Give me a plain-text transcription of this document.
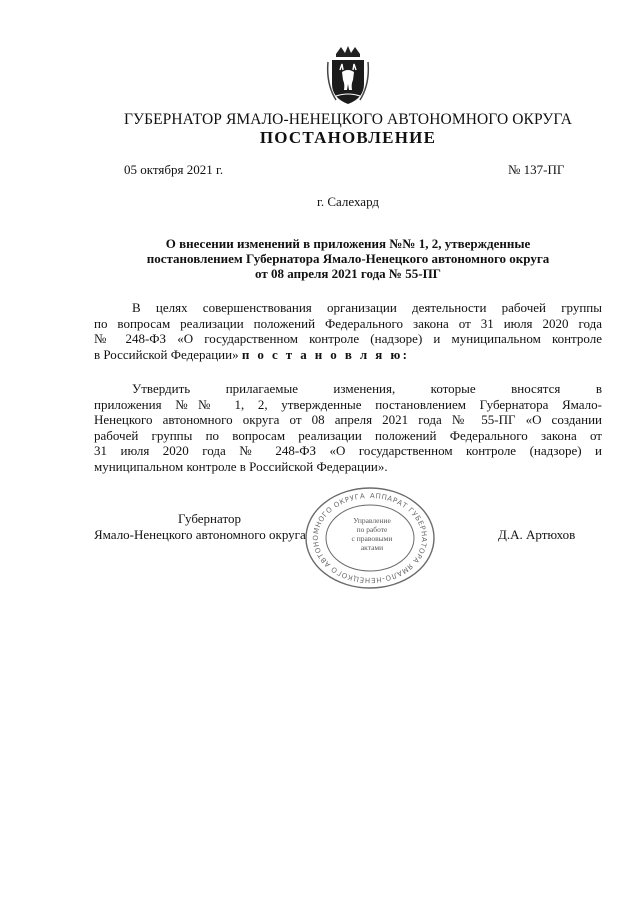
ГУБЕРНАТОР ЯМАЛО-НЕНЕЦКОГО АВТОНОМНОГО ОКРУГА
ПОСТАНОВЛЕНИЕ
05 октября 2021 г.	№ 137-ПГ
г. Салехард
О внесении изменений в приложения №№ 1, 2, утвержденные
постановлением Губернатора Ямало-Ненецкого автономного округа
от 08 апреля 2021 года № 55-ПГ
В целях совершенствования организации деятельности рабочей группы
по вопросам реализации положений Федерального закона от 31 июля 2020 года
№ 248-ФЗ «О государственном контроле (надзоре) и муниципальном контроле
в Российской Федерации» п о с т а н о в л я ю:
Утвердить прилагаемые изменения, которые вносятся в
приложения №№ 1, 2, утвержденные постановлением Губернатора Ямало-
Ненецкого автономного округа от 08 апреля 2021 года № 55-ПГ «О создании
рабочей группы по вопросам реализации положений Федерального закона от
31 июля 2020 года № 248-ФЗ «О государственном контроле (надзоре) и
муниципальном контроле в Российской Федерации».
АППАРАТ ГУБЕРНАТОРА ЯМАЛО-НЕНЕЦКОГО АВТОНОМНОГО ОКРУГА
Управление
по работе
с правовыми
актами
Губернатор
Ямало-Ненецкого автономного округа	Д.А. Артюхов
